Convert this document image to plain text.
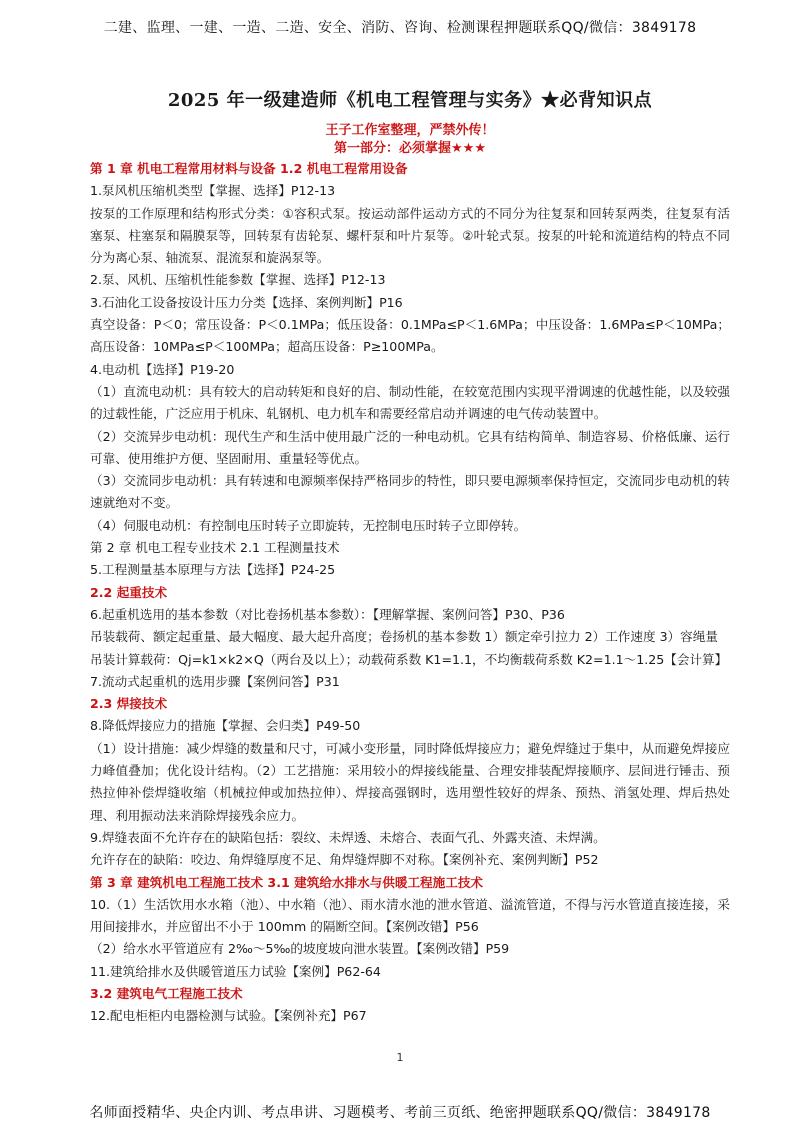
二建、监理、一建、一造、二造、安全、消防、咨询、检测课程押题联系QQ/微信：3849178
2025 年一级建造师《机电工程管理与实务》★必背知识点
王子工作室整理，严禁外传！
第一部分：必须掌握★★★

第 1 章 机电工程常用材料与设备 1.2 机电工程常用设备

1.泵风机压缩机类型【掌握、选择】P12-13

按泵的工作原理和结构形式分类：①容积式泵。按运动部件运动方式的不同分为往复泵和回转泵两类，往复泵有活塞泵、柱塞泵和隔膜泵等，回转泵有齿轮泵、螺杆泵和叶片泵等。②叶轮式泵。按泵的叶轮和流道结构的特点不同分为离心泵、轴流泵、混流泵和旋涡泵等。

2.泵、风机、压缩机性能参数【掌握、选择】P12-13

3.石油化工设备按设计压力分类【选择、案例判断】P16

真空设备：P＜0；常压设备：P＜0.1MPa；低压设备：0.1MPa≤P＜1.6MPa；中压设备：1.6MPa≤P＜10MPa；高压设备：10MPa≤P＜100MPa；超高压设备：P≥100MPa。

4.电动机【选择】P19-20

（1）直流电动机：具有较大的启动转矩和良好的启、制动性能，在较宽范围内实现平滑调速的优越性能，以及较强的过载性能，广泛应用于机床、轧钢机、电力机车和需要经常启动并调速的电气传动装置中。

（2）交流异步电动机：现代生产和生活中使用最广泛的一种电动机。它具有结构简单、制造容易、价格低廉、运行可靠、使用维护方便、坚固耐用、重量轻等优点。

（3）交流同步电动机：具有转速和电源频率保持严格同步的特性，即只要电源频率保持恒定，交流同步电动机的转速就绝对不变。

（4）伺服电动机：有控制电压时转子立即旋转，无控制电压时转子立即停转。

第 2 章 机电工程专业技术 2.1 工程测量技术

5.工程测量基本原理与方法【选择】P24-25

2.2 起重技术

6.起重机选用的基本参数（对比卷扬机基本参数）：【理解掌握、案例问答】P30、P36

吊装载荷、额定起重量、最大幅度、最大起升高度；卷扬机的基本参数 1）额定牵引拉力 2）工作速度 3）容绳量

吊装计算载荷：Qj=k1×k2×Q（两台及以上）；动载荷系数 K1=1.1，不均衡载荷系数 K2=1.1～1.25【会计算】

7.流动式起重机的选用步骤【案例问答】P31

2.3 焊接技术

8.降低焊接应力的措施【掌握、会归类】P49-50

（1）设计措施：减少焊缝的数量和尺寸，可减小变形量，同时降低焊接应力；避免焊缝过于集中，从而避免焊接应力峰值叠加；优化设计结构。（2）工艺措施：采用较小的焊接线能量、合理安排装配焊接顺序、层间进行锤击、预热拉伸补偿焊缝收缩（机械拉伸或加热拉伸）、焊接高强钢时，选用塑性较好的焊条、预热、消氢处理、焊后热处理、利用振动法来消除焊接残余应力。

9.焊缝表面不允许存在的缺陷包括：裂纹、未焊透、未熔合、表面气孔、外露夹渣、未焊满。

允许存在的缺陷：咬边、角焊缝厚度不足、角焊缝焊脚不对称。【案例补充、案例判断】P52

第 3 章 建筑机电工程施工技术 3.1 建筑给水排水与供暖工程施工技术

10.（1）生活饮用水水箱（池）、中水箱（池）、雨水清水池的泄水管道、溢流管道，不得与污水管道直接连接，采用间接排水，并应留出不小于 100mm 的隔断空间。【案例改错】P56

（2）给水水平管道应有 2‰～5‰的坡度坡向泄水装置。【案例改错】P59

11.建筑给排水及供暖管道压力试验【案例】P62-64

3.2 建筑电气工程施工技术

12.配电柜柜内电器检测与试验。【案例补充】P67

1
名师面授精华、央企内训、考点串讲、习题模考、考前三页纸、绝密押题联系QQ/微信：3849178
